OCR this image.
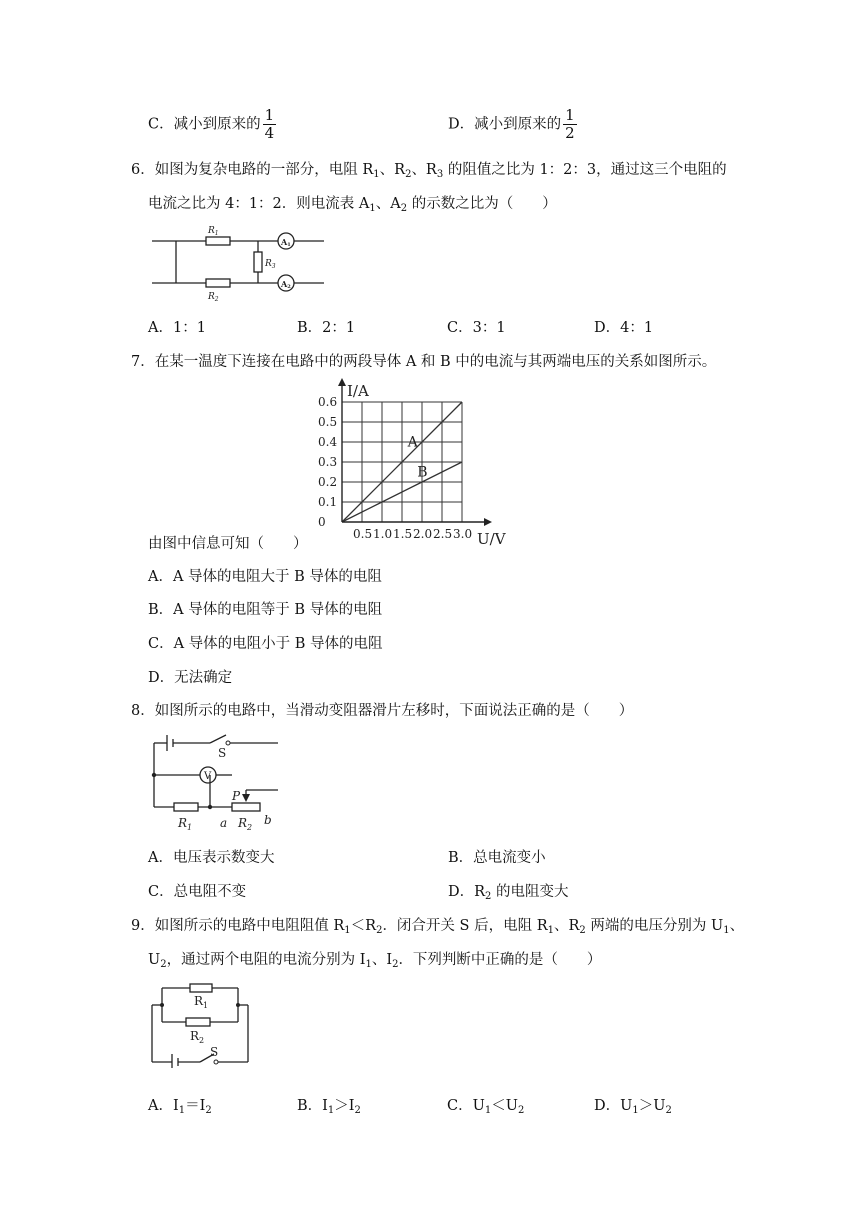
C．减小到原来的 $\frac{1}{4}$	D．减小到原来的 $\frac{1}{2}$
6．如图为复杂电路的一部分，电阻 $R_1$、$R_2$、$R_3$ 的阻值之比为 1：2：3，通过这三个电阻的
电流之比为 4：1：2．则电流表 $A_1$、$A_2$ 的示数之比为（　　）
$R_1$
$R_2$
$R_3$
A1
A2
A．1：1	B．2：1	C．3：1	D．4：1
7．在某一温度下连接在电路中的两段导体 A 和 B 中的电流与其两端电压的关系如图所示。
I/A
U/V
0.5 1.0 1.5 2.0 2.5 3.0
0.6
0.5
0.4
0.3
0.2
0.1
0
A
B
由图中信息可知（　　）
A．A 导体的电阻大于 B 导体的电阻
B．A 导体的电阻等于 B 导体的电阻
C．A 导体的电阻小于 B 导体的电阻
D．无法确定
8．如图所示的电路中，当滑动变阻器滑片左移时，下面说法正确的是（　　）
S
V
P
$R_1$ a $R_2$
b
A．电压表示数变大	B．总电流变小
C．总电阻不变	D．$R_2$ 的电阻变大
9．如图所示的电路中电阻阻值 $R_1<R_2$．闭合开关 S 后，电阻 $R_1$、$R_2$ 两端的电压分别为 $U_1$、
$U_2$，通过两个电阻的电流分别为 $I_1$、$I_2$．下列判断中正确的是（　　）
$R_1$
$R_2$
S
A．$I_1=I_2$	B．$I_1>I_2$	C．$U_1<U_2$	D．$U_1>U_2$
